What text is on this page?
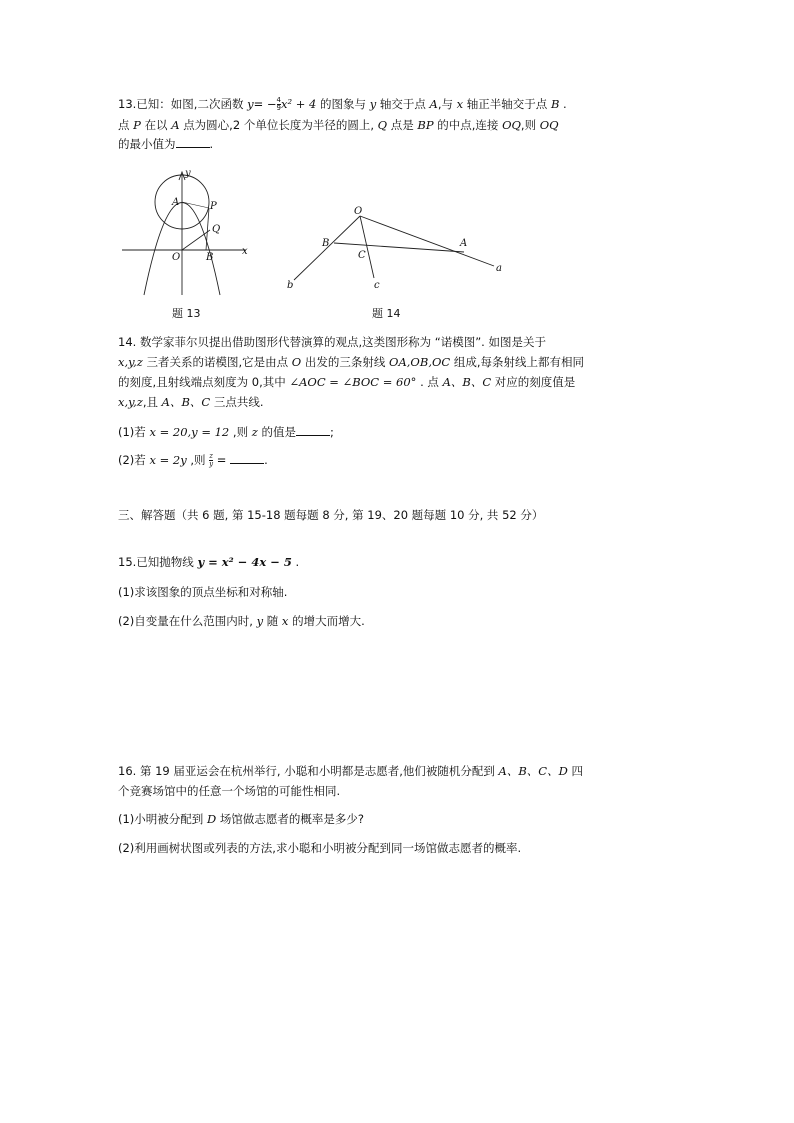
13.已知：如图,二次函数 $y= - \frac{4}{9} x^2 + 4$ 的图象与 y 轴交于点 A,与 x 轴正半轴交于点 B .
点 P 在以 A 点为圆心,2 个单位长度为半径的圆上, Q 点是 BP 的中点,连接 OQ,则 OQ
的最小值为	.
y
x
A	P
Q
O	B
题 13
O
B
C
A
a
b	c
题 14
14. 数学家菲尔贝提出借助图形代替演算的观点,这类图形称为 “诺模图”. 如图是关于
x,y,z 三者关系的诺模图,它是由点 O 出发的三条射线 OA,OB,OC 组成,每条射线上都有相同
的刻度,且射线端点刻度为 0,其中 ∠AOC = ∠BOC = 60° . 点 A、B、C 对应的刻度值是
x,y,z,且 A、B、C 三点共线.
(1)若 x = 20,y = 12 ,则 z 的值是	;
(2)若 x = 2y ,则 $\frac{z}{y}$ =	.
三、解答题（共 6 题, 第 15-18 题每题 8 分, 第 19、20 题每题 10 分, 共 52 分）
15.已知抛物线 y = x² − 4x − 5 .
(1)求该图象的顶点坐标和对称轴.
(2)自变量在什么范围内时, y 随 x 的增大而增大.
16. 第 19 届亚运会在杭州举行, 小聪和小明都是志愿者,他们被随机分配到 A、B、C、D 四
个竞赛场馆中的任意一个场馆的可能性相同.
(1)小明被分配到 D 场馆做志愿者的概率是多少?
(2)利用画树状图或列表的方法,求小聪和小明被分配到同一场馆做志愿者的概率.
